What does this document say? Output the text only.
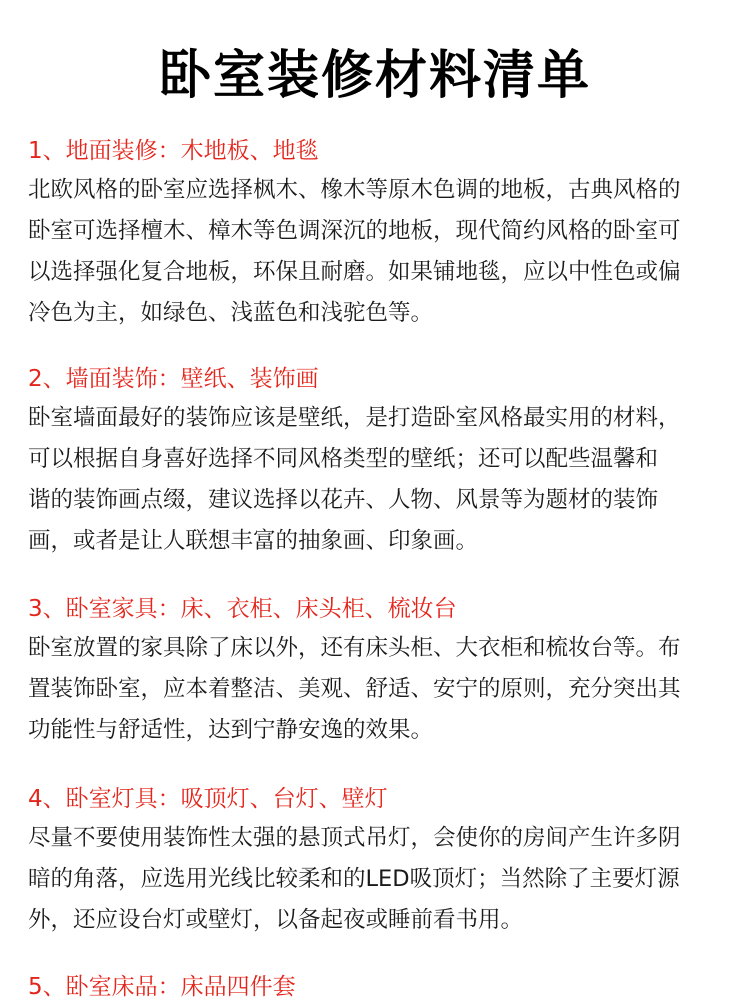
卧室装修材料清单
1、地面装修：木地板、地毯
北欧风格的卧室应选择枫木、橡木等原木色调的地板，古典风格的
卧室可选择檀木、樟木等色调深沉的地板，现代简约风格的卧室可
以选择强化复合地板，环保且耐磨。如果铺地毯，应以中性色或偏
冷色为主，如绿色、浅蓝色和浅驼色等。
2、墙面装饰：壁纸、装饰画
卧室墙面最好的装饰应该是壁纸，是打造卧室风格最实用的材料，
可以根据自身喜好选择不同风格类型的壁纸；还可以配些温馨和
谐的装饰画点缀，建议选择以花卉、人物、风景等为题材的装饰
画，或者是让人联想丰富的抽象画、印象画。
3、卧室家具：床、衣柜、床头柜、梳妆台
卧室放置的家具除了床以外，还有床头柜、大衣柜和梳妆台等。布
置装饰卧室，应本着整洁、美观、舒适、安宁的原则，充分突出其
功能性与舒适性，达到宁静安逸的效果。
4、卧室灯具：吸顶灯、台灯、壁灯
尽量不要使用装饰性太强的悬顶式吊灯，会使你的房间产生许多阴
暗的角落，应选用光线比较柔和的LED吸顶灯；当然除了主要灯源
外，还应设台灯或壁灯，以备起夜或睡前看书用。
5、卧室床品：床品四件套
